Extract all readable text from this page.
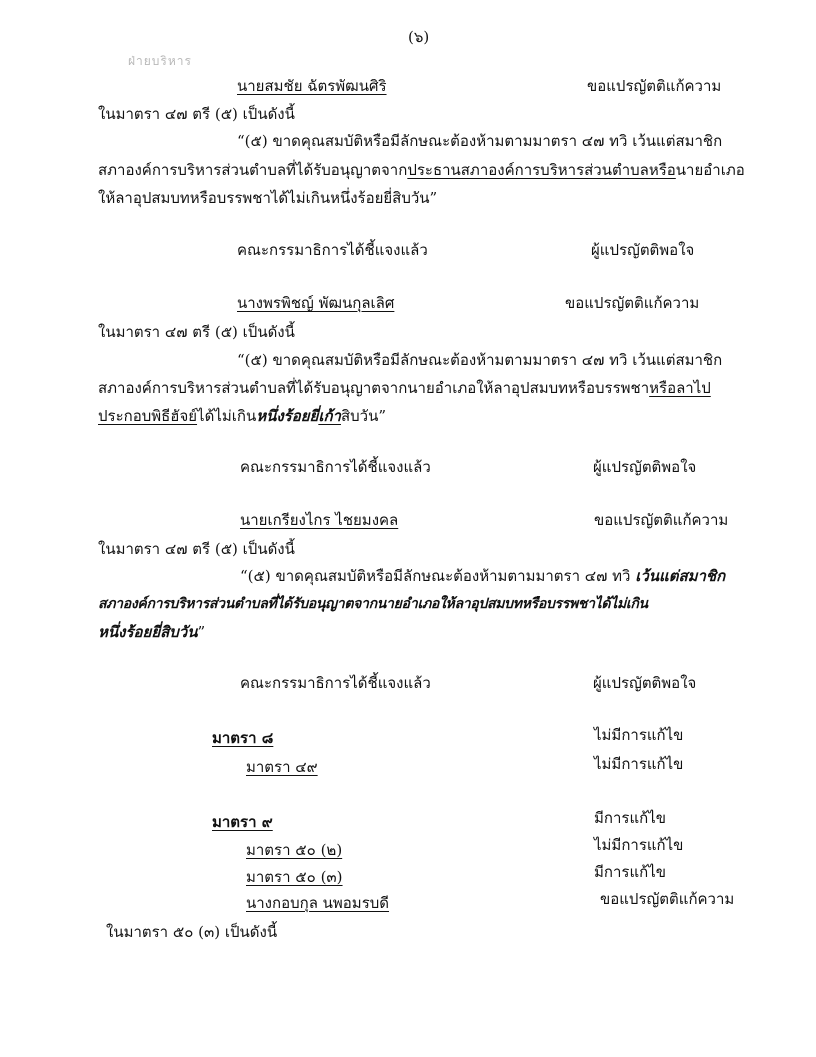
(๖)
ฝ่ายบริหาร
นายสมชัย ฉัตรพัฒนศิริ	ขอแปรญัตติแก้ความ
ในมาตรา ๔๗ ตรี (๕) เป็นดังนี้
“(๕) ขาดคุณสมบัติหรือมีลักษณะต้องห้ามตามมาตรา ๔๗ ทวิ เว้นแต่สมาชิก
สภาองค์การบริหารส่วนตำบลที่ได้รับอนุญาตจากประธานสภาองค์การบริหารส่วนตำบลหรือนายอำเภอ
ให้ลาอุปสมบทหรือบรรพชาได้ไม่เกินหนึ่งร้อยยี่สิบวัน”
คณะกรรมาธิการได้ชี้แจงแล้ว	ผู้แปรญัตติพอใจ
นางพรพิชญ์ พัฒนกุลเลิศ	ขอแปรญัตติแก้ความ
ในมาตรา ๔๗ ตรี (๕) เป็นดังนี้
“(๕) ขาดคุณสมบัติหรือมีลักษณะต้องห้ามตามมาตรา ๔๗ ทวิ เว้นแต่สมาชิก
สภาองค์การบริหารส่วนตำบลที่ได้รับอนุญาตจากนายอำเภอให้ลาอุปสมบทหรือบรรพชาหรือลาไป
ประกอบพิธีฮัจย์ได้ไม่เกินหนึ่งร้อยยี่เก้าสิบวัน”
คณะกรรมาธิการได้ชี้แจงแล้ว	ผู้แปรญัตติพอใจ
นายเกรียงไกร ไชยมงคล	ขอแปรญัตติแก้ความ
ในมาตรา ๔๗ ตรี (๕) เป็นดังนี้
“(๕) ขาดคุณสมบัติหรือมีลักษณะต้องห้ามตามมาตรา ๔๗ ทวิ เว้นแต่สมาชิก
สภาองค์การบริหารส่วนตำบลที่ได้รับอนุญาตจากนายอำเภอให้ลาอุปสมบทหรือบรรพชาได้ไม่เกิน
หนึ่งร้อยยี่สิบวัน”
คณะกรรมาธิการได้ชี้แจงแล้ว	ผู้แปรญัตติพอใจ
มาตรา ๘	ไม่มีการแก้ไข
มาตรา ๔๙	ไม่มีการแก้ไข
มาตรา ๙	มีการแก้ไข
มาตรา ๕๐ (๒)	ไม่มีการแก้ไข
มาตรา ๕๐ (๓)	มีการแก้ไข
นางกอบกุล นพอมรบดี	ขอแปรญัตติแก้ความ
ในมาตรา ๕๐ (๓) เป็นดังนี้
